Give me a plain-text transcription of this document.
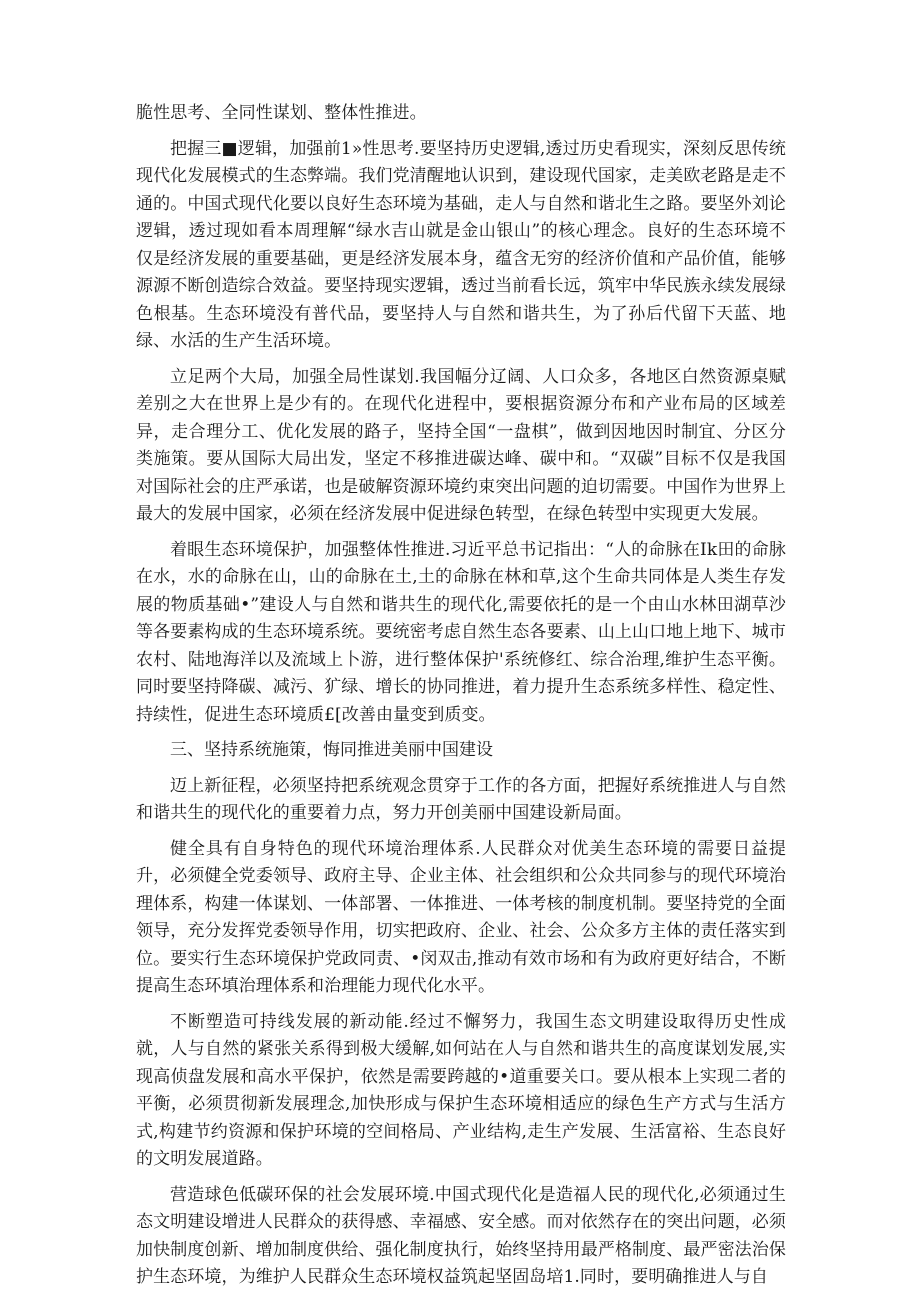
脆性思考、全同性谋划、整体性推进。

把握三■逻辑，加强前1»性思考.要坚持历史逻辑,透过历史看现实，深刻反思传统现代化发展模式的生态弊端。我们党清醒地认识到，建设现代国家，走美欧老路是走不通的。中国式现代化要以良好生态环境为基础，走人与自然和谐北生之路。要坚外刘论逻辑，透过现如看本周理解“绿水吉山就是金山银山”的核心理念。良好的生态环境不仅是经济发展的重要基础，更是经济发展本身，蕴含无穷的经济价值和产品价值，能够源源不断创造综合效益。要坚持现实逻辑，透过当前看长远，筑牢中华民族永续发展绿色根基。生态环境没有普代品，要坚持人与自然和谐共生，为了孙后代留下天蓝、地绿、水活的生产生活环境。

立足两个大局，加强全局性谋划.我国幅分辽阔、人口众多，各地区白然资源桌赋差别之大在世界上是少有的。在现代化进程中，要根据资源分布和产业布局的区域差异，走合理分工、优化发展的路子，坚持全国“一盘棋”，做到因地因时制宜、分区分类施策。要从国际大局出发，坚定不移推进碳达峰、碳中和。“双碳”目标不仅是我国对国际社会的庄严承诺，也是破解资源环境约束突出问题的迫切需要。中国作为世界上最大的发展中国家，必须在经济发展中促进绿色转型，在绿色转型中实现更大发展。

着眼生态环境保护，加强整体性推进.习近平总书记指出：“人的命脉在Ik田的命脉在水，水的命脉在山，山的命脉在土,土的命脉在林和草,这个生命共同体是人类生存发展的物质基础•”建设人与自然和谐共生的现代化,需要依托的是一个由山水林田湖草沙等各要素构成的生态环境系统。要统密考虑自然生态各要素、山上山口地上地下、城市农村、陆地海洋以及流域上卜游，进行整体保护'系统修红、综合治理,维护生态平衡。同时要坚持降碳、减污、犷绿、增长的协同推进，着力提升生态系统多样性、稳定性、持续性，促进生态环境质£[改善由量变到质变。

三、坚持系统施策，悔同推进美丽中国建设

迈上新征程，必须坚持把系统观念贯穿于工作的各方面，把握好系统推进人与自然和谐共生的现代化的重要着力点，努力开创美丽中国建设新局面。

健全具有自身特色的现代环境治理体系.人民群众对优美生态环境的需要日益提升，必须健全党委领导、政府主导、企业主体、社会组织和公众共同参与的现代环境治理体系，构建一体谋划、一体部署、一体推进、一体考核的制度机制。要坚持党的全面领导，充分发挥党委领导作用，切实把政府、企业、社会、公众多方主体的责任落实到位。要实行生态环境保护党政同责、•闵双击,推动有效市场和有为政府更好结合，不断提高生态环填治理体系和治理能力现代化水平。

不断塑造可持线发展的新动能.经过不懈努力，我国生态文明建设取得历史性成就，人与自然的紧张关系得到极大缓解,如何站在人与自然和谐共生的高度谋划发展,实现高侦盘发展和高水平保护，依然是需要跨越的•道重要关口。要从根本上实现二者的平衡，必须贯彻新发展理念,加快形成与保护生态环境相适应的绿色生产方式与生活方式,构建节约资源和保护环境的空间格局、产业结构,走生产发展、生活富裕、生态良好的文明发展道路。

营造球色低碳环保的社会发展环境.中国式现代化是造福人民的现代化,必须通过生态文明建设增进人民群众的获得感、幸福感、安全感。而对依然存在的突出问题，必须加快制度创新、增加制度供给、强化制度执行，始终坚持用最严格制度、最严密法治保护生态环境，为维护人民群众生态环境权益筑起坚固岛培1.同时，要明确推进人与自
